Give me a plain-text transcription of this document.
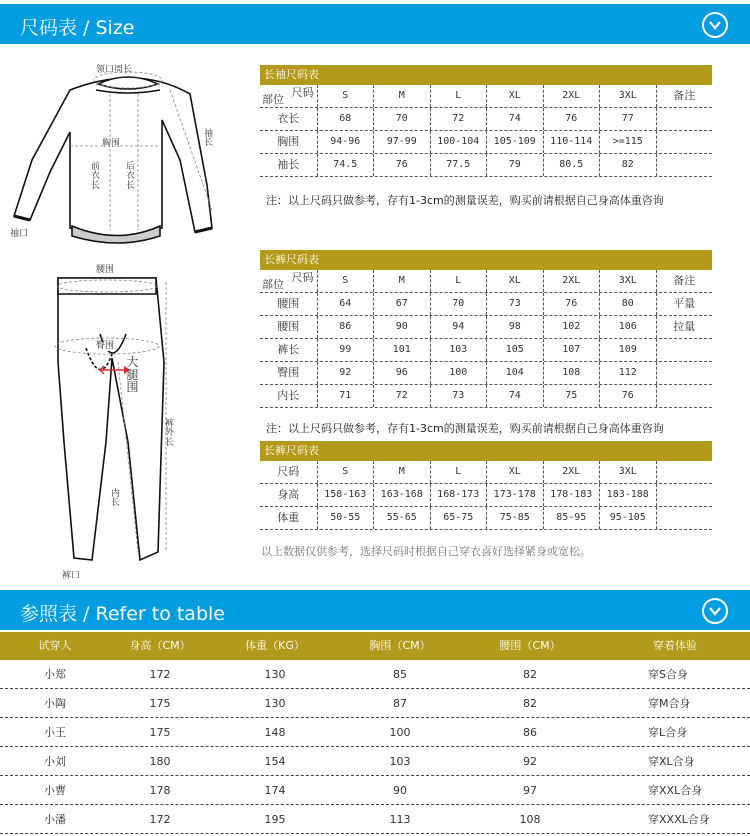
尺码表 / Size
领口周长
袖长
胸围
前衣长
后衣长
袖口
腰围
臀围
大腿围
裤外长
内长
裤口
长袖尺码表
尺码
部位	S	M	L	XL	2XL	3XL	备注
衣长	68	70	72	74	76	77
胸围	94-96	97-99	100-104	105-109	110-114	>=115
袖长	74.5	76	77.5	79	80.5	82
注：以上尺码只做参考，存有1-3cm的测量误差，购买前请根据自己身高体重咨询
长裤尺码表
尺码
部位	S	M	L	XL	2XL	3XL	备注
腰围	64	67	70	73	76	80	平量
腰围	86	90	94	98	102	106	拉量
裤长	99	101	103	105	107	109
臀围	92	96	100	104	108	112
内长	71	72	73	74	75	76
注：以上尺码只做参考，存有1-3cm的测量误差，购买前请根据自己身高体重咨询
长裤尺码表
尺码	S	M	L	XL	2XL	3XL
身高	158-163	163-168	168-173	173-178	178-183	183-188
体重	50-55	55-65	65-75	75-85	85-95	95-105
以上数据仅供参考，选择尺码时根据自己穿衣喜好选择紧身或宽松。
参照表 / Refer to table
试穿人	身高（CM）	体重（KG）	胸围（CM）	腰围（CM）	穿着体验
小郑	172	130	85	82	穿S合身
小陶	175	130	87	82	穿M合身
小王	175	148	100	86	穿L合身
小刘	180	154	103	92	穿XL合身
小曹	178	174	90	97	穿XXL合身
小潘	172	195	113	108	穿XXXL合身
